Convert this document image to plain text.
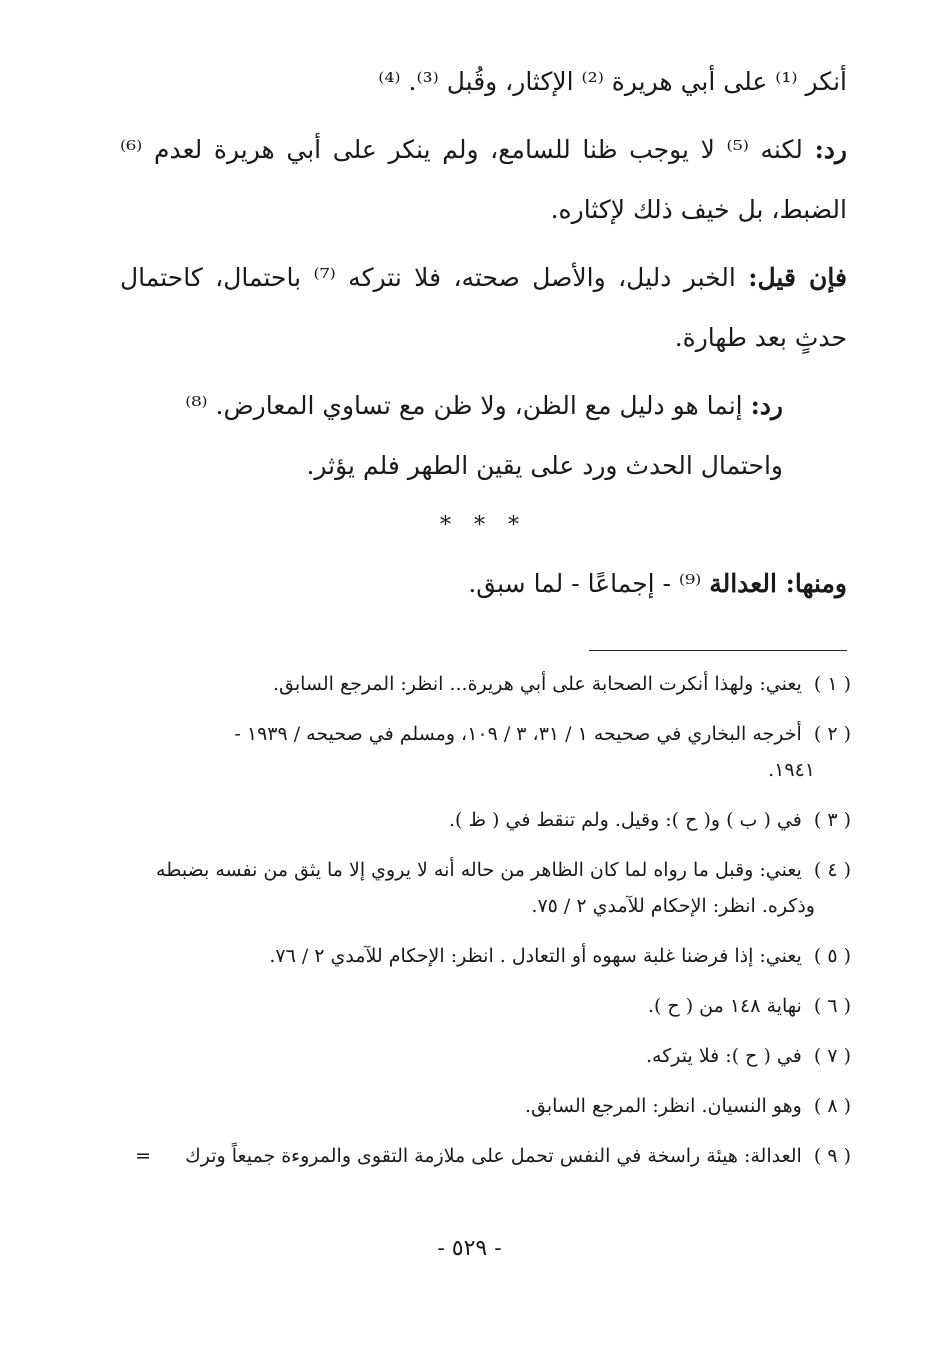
أنكر ⁽¹⁾ على أبي هريرة ⁽²⁾ الإكثار، وقُبل ⁽³⁾. ⁽⁴⁾

رد: لكنه ⁽⁵⁾ لا يوجب ظنا للسامع، ولم ينكر على أبي هريرة لعدم ⁽⁶⁾ الضبط، بل خيف ذلك لإكثاره.

فإن قيل: الخبر دليل، والأصل صحته، فلا نتركه ⁽⁷⁾ باحتمال، كاحتمال حدثٍ بعد طهارة.

رد: إنما هو دليل مع الظن، ولا ظن مع تساوي المعارض. ⁽⁸⁾

واحتمال الحدث ورد على يقين الطهر فلم يؤثر.

* * *

ومنها: العدالة ⁽⁹⁾ - إجماعًا - لما سبق.

( ١ ) يعني: ولهذا أنكرت الصحابة على أبي هريرة... انظر: المرجع السابق.

( ٢ ) أخرجه البخاري في صحيحه ١ / ٣١، ٣ / ١٠٩، ومسلم في صحيحه / ١٩٣٩ -
١٩٤١.

( ٣ ) في ( ب ) و( ح ): وقيل. ولم تنقط في ( ظ ).

( ٤ ) يعني: وقبل ما رواه لما كان الظاهر من حاله أنه لا يروي إلا ما يثق من نفسه بضبطه
وذكره. انظر: الإحكام للآمدي ٢ / ٧٥.

( ٥ ) يعني: إذا فرضنا غلبة سهوه أو التعادل . انظر: الإحكام للآمدي ٢ / ٧٦.

( ٦ ) نهاية ١٤٨ من ( ح ).

( ٧ ) في ( ح ): فلا يتركه.

( ٨ ) وهو النسيان. انظر: المرجع السابق.

( ٩ ) العدالة: هيئة راسخة في النفس تحمل على ملازمة التقوى والمروءة جميعاً وترك =

- ٥٢٩ -
